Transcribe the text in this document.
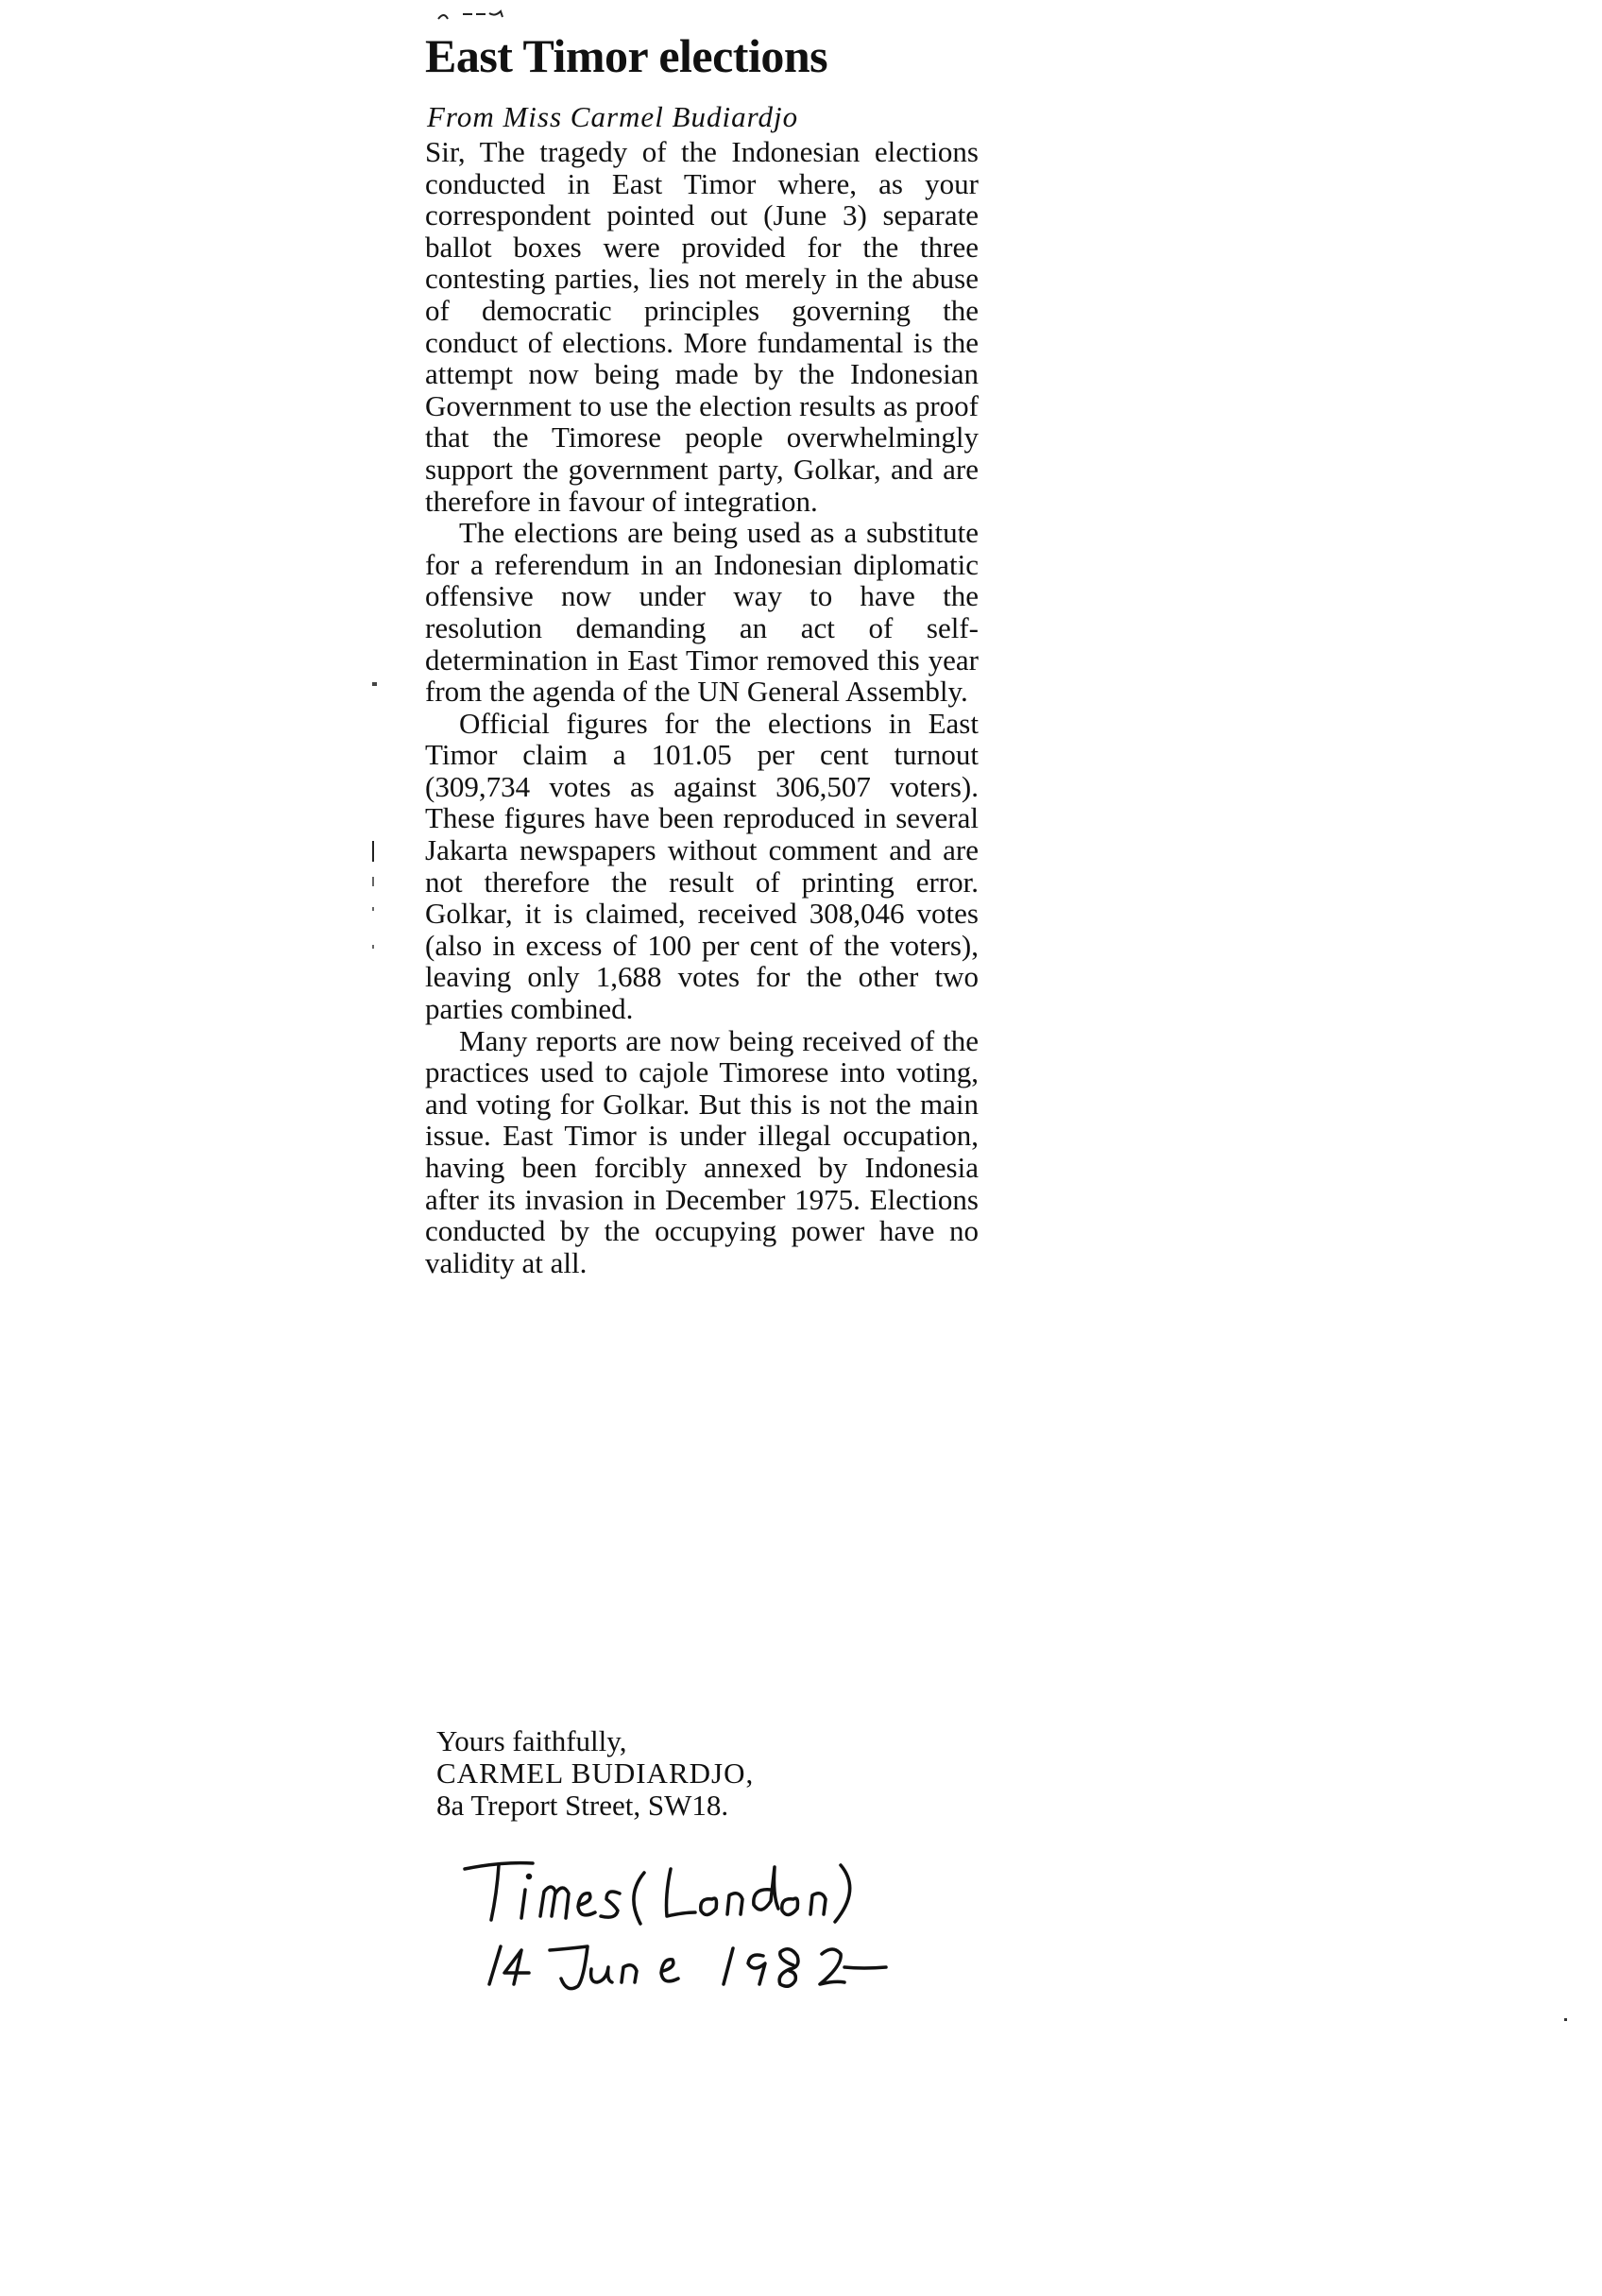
East Timor elections

From Miss Carmel Budiardjo

Sir, The tragedy of the Indonesian elections conducted in East Timor where, as your correspondent pointed out (June 3) separate ballot boxes were provided for the three contesting parties, lies not merely in the abuse of democratic principles governing the conduct of elections. More fundamental is the attempt now being made by the Indonesian Government to use the election results as proof that the Timorese people overwhelmingly support the government party, Golkar, and are therefore in favour of integration.

The elections are being used as a substitute for a referendum in an Indonesian diplomatic offensive now under way to have the resolution demanding an act of self-determination in East Timor removed this year from the agenda of the UN General Assembly.

Official figures for the elections in East Timor claim a 101.05 per cent turnout (309,734 votes as against 306,507 voters). These figures have been reproduced in several Jakarta newspapers without comment and are not therefore the result of printing error. Golkar, it is claimed, received 308,046 votes (also in excess of 100 per cent of the voters), leaving only 1,688 votes for the other two parties combined.

Many reports are now being received of the practices used to cajole Timorese into voting, and voting for Golkar. But this is not the main issue. East Timor is under illegal occupation, having been forcibly annexed by Indonesia after its invasion in December 1975. Elections conducted by the occupying power have no validity at all.

Yours faithfully,
CARMEL BUDIARDJO,
8a Treport Street, SW18.
